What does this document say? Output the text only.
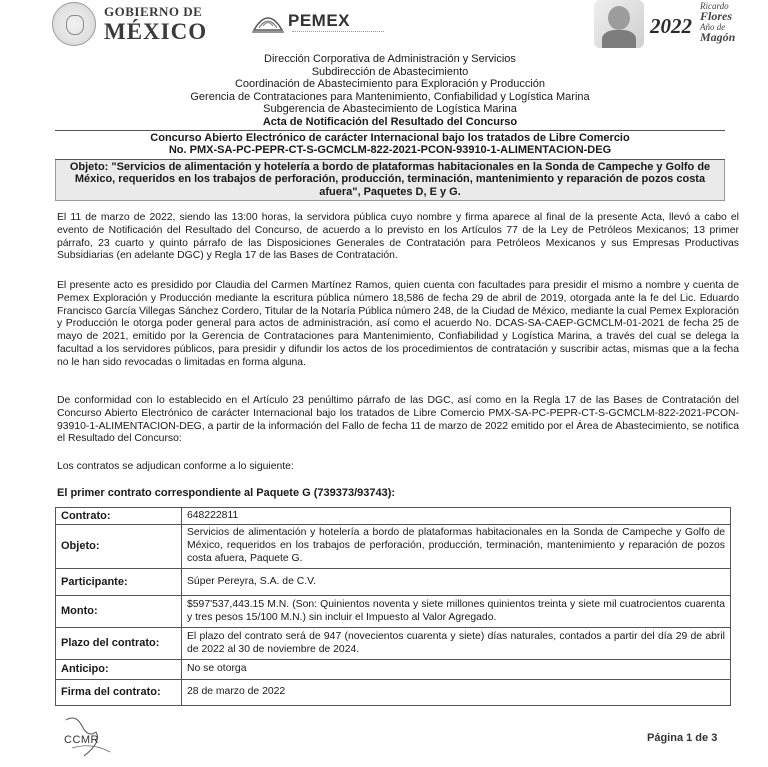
GOBIERNO DE
MÉXICO	PEMEX	2022
Ricardo
Flores
Año de Magón
Dirección Corporativa de Administración y Servicios
Subdirección de Abastecimiento
Coordinación de Abastecimiento para Exploración y Producción
Gerencia de Contrataciones para Mantenimiento, Confiabilidad y Logística Marina
Subgerencia de Abastecimiento de Logística Marina
Acta de Notificación del Resultado del Concurso
Concurso Abierto Electrónico de carácter Internacional bajo los tratados de Libre Comercio
No. PMX-SA-PC-PEPR-CT-S-GCMCLM-822-2021-PCON-93910-1-ALIMENTACION-DEG
Objeto: "Servicios de alimentación y hotelería a bordo de plataformas habitacionales en la Sonda de Campeche y Golfo de México, requeridos en los trabajos de perforación, producción, terminación, mantenimiento y reparación de pozos costa afuera", Paquetes D, E y G.
El 11 de marzo de 2022, siendo las 13:00 horas, la servidora pública cuyo nombre y firma aparece al final de la presente Acta, llevó a cabo el evento de Notificación del Resultado del Concurso, de acuerdo a lo previsto en los Artículos 77 de la Ley de Petróleos Mexicanos; 13 primer párrafo, 23 cuarto y quinto párrafo de las Disposiciones Generales de Contratación para Petróleos Mexicanos y sus Empresas Productivas Subsidiarias (en adelante DGC) y Regla 17 de las Bases de Contratación.
El presente acto es presidido por Claudia del Carmen Martínez Ramos, quien cuenta con facultades para presidir el mismo a nombre y cuenta de Pemex Exploración y Producción mediante la escritura pública número 18,586 de fecha 29 de abril de 2019, otorgada ante la fe del Lic. Eduardo Francisco García Villegas Sánchez Cordero, Titular de la Notaría Pública número 248, de la Ciudad de México, mediante la cual Pemex Exploración y Producción le otorga poder general para actos de administración, así como el acuerdo No. DCAS-SA-CAEP-GCMCLM-01-2021 de fecha 25 de mayo de 2021, emitido por la Gerencia de Contrataciones para Mantenimiento, Confiabilidad y Logística Marina, a través del cual se delega la facultad a los servidores públicos, para presidir y difundir los actos de los procedimientos de contratación y suscribir actas, mismas que a la fecha no le han sido revocadas o limitadas en forma alguna.
De conformidad con lo establecido en el Artículo 23 penúltimo párrafo de las DGC, así como en la Regla 17 de las Bases de Contratación del Concurso Abierto Electrónico de carácter Internacional bajo los tratados de Libre Comercio PMX-SA-PC-PEPR-CT-S-GCMCLM-822-2021-PCON-93910-1-ALIMENTACION-DEG, a partir de la información del Fallo de fecha 11 de marzo de 2022 emitido por el Área de Abastecimiento, se notifica el Resultado del Concurso:
Los contratos se adjudican conforme a lo siguiente:
El primer contrato correspondiente al Paquete G (739373/93743):
Contrato:	648222811
Objeto:	Servicios de alimentación y hotelería a bordo de plataformas habitacionales en la Sonda de Campeche y Golfo de México, requeridos en los trabajos de perforación, producción, terminación, mantenimiento y reparación de pozos costa afuera, Paquete G.
Participante:	Súper Pereyra, S.A. de C.V.
Monto:	$597'537,443.15 M.N. (Son: Quinientos noventa y siete millones quinientos treinta y siete mil cuatrocientos cuarenta y tres pesos 15/100 M.N.) sin incluir el Impuesto al Valor Agregado.
Plazo del contrato:	El plazo del contrato será de 947 (novecientos cuarenta y siete) días naturales, contados a partir del día 29 de abril de 2022 al 30 de noviembre de 2024.
Anticipo:	No se otorga
Firma del contrato:	28 de marzo de 2022
CCMR	Página 1 de 3
